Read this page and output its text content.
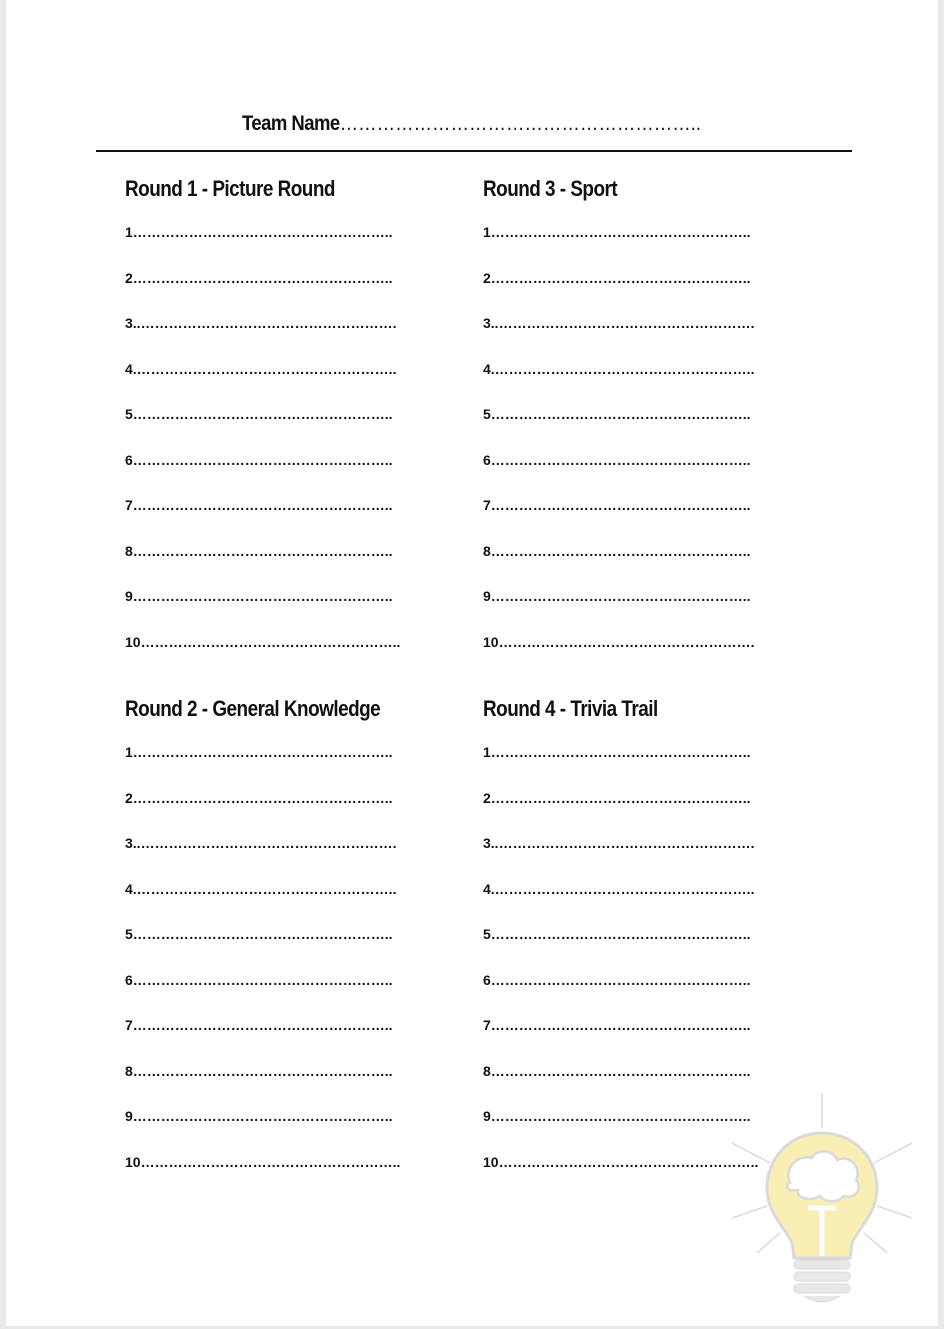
Team Name…………………………………………………..
Round 1 - Picture Round
1………………………………………………..
2………………………………………………..
3..……………………………………………….
4.………………………………………………..
5………………………………………………..
6………………………………………………..
7………………………………………………..
8………………………………………………..
9………………………………………………..
10………………………………………………..
Round 3 - Sport
1………………………………………………..
2………………………………………………..
3..……………………………………………….
4.………………………………………………..
5………………………………………………..
6………………………………………………..
7………………………………………………..
8………………………………………………..
9………………………………………………..
10……………………………………………….
Round 2 - General Knowledge
1………………………………………………..
2………………………………………………..
3..……………………………………………….
4.………………………………………………..
5………………………………………………..
6………………………………………………..
7………………………………………………..
8………………………………………………..
9………………………………………………..
10………………………………………………..
Round 4 - Trivia Trail
1………………………………………………..
2………………………………………………..
3..……………………………………………….
4.………………………………………………..
5………………………………………………..
6………………………………………………..
7………………………………………………..
8………………………………………………..
9………………………………………………..
10………………………………………………..
